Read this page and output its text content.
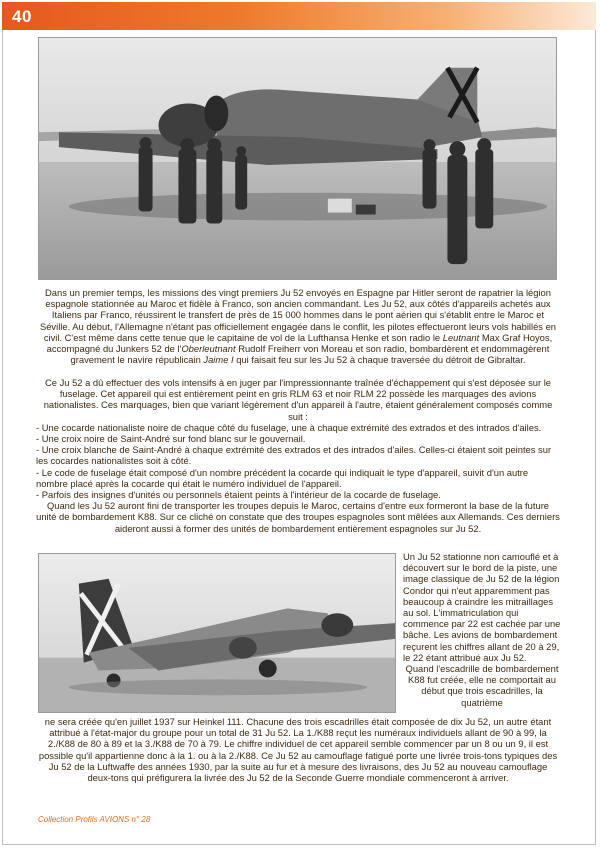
40

Dans un premier temps, les missions des vingt premiers Ju 52 envoyés en Espagne par Hitler seront de rapatrier la légion espagnole stationnée au Maroc et fidèle à Franco, son ancien commandant. Les Ju 52, aux côtés d'appareils achetés aux Italiens par Franco, réussirent le transfert de près de 15 000 hommes dans le pont aérien qui s'établit entre le Maroc et Séville. Au début, l'Allemagne n'étant pas officiellement engagée dans le conflit, les pilotes effectueront leurs vols habillés en civil. C'est même dans cette tenue que le capitaine de vol de la Lufthansa Henke et son radio le Leutnant Max Graf Hoyos, accompagné du Junkers 52 de l'Oberleutnant Rudolf Freiherr von Moreau et son radio, bombardèrent et endommagèrent gravement le navire républicain Jaime I qui faisait feu sur les Ju 52 à chaque traversée du détroit de Gibraltar.

Ce Ju 52 a dû effectuer des vols intensifs à en juger par l'impressionnante traînée d'échappement qui s'est déposée sur le fuselage. Cet appareil qui est entièrement peint en gris RLM 63 et noir RLM 22 possède les marquages des avions nationalistes. Ces marquages, bien que variant légèrement d'un appareil à l'autre, étaient généralement composés comme suit :

- Une cocarde nationaliste noire de chaque côté du fuselage, une à chaque extrémité des extrados et des intrados d'ailes.

- Une croix noire de Saint-André sur fond blanc sur le gouvernail.

- Une croix blanche de Saint-André à chaque extrémité des extrados et des intrados d'ailes. Celles-ci étaient soit peintes sur les cocardes nationalistes soit à côté.

- Le code de fuselage était composé d'un nombre précédent la cocarde qui indiquait le type d'appareil, suivit d'un autre nombre placé après la cocarde qui était le numéro individuel de l'appareil.

- Parfois des insignes d'unités ou personnels étaient peints à l'intérieur de la cocarde de fuselage.

Quand les Ju 52 auront fini de transporter les troupes depuis le Maroc, certains d'entre eux formeront la base de la future unité de bombardement K88. Sur ce cliché on constate que des troupes espagnoles sont mêlées aux Allemands. Ces derniers aideront aussi à former des unités de bombardement entièrement espagnoles sur Ju 52.

Un Ju 52 stationne non camouflé et à découvert sur le bord de la piste, une image classique de Ju 52 de la légion Condor qui n'eut apparemment pas beaucoup à craindre les mitraillages au sol. L'immatriculation qui commence par 22 est cachée par une bâche. Les avions de bombardement reçurent les chiffres allant de 20 à 29, le 22 étant attribué aux Ju 52.

Quand l'escadrille de bombardement K88 fut créée, elle ne comportait au début que trois escadrilles, la quatrième

ne sera créée qu'en juillet 1937 sur Heinkel 111. Chacune des trois escadrilles était composée de dix Ju 52, un autre étant attribué à l'état-major du groupe pour un total de 31 Ju 52. La 1./K88 reçut les numéraux individuels allant de 90 à 99, la 2./K88 de 80 à 89 et la 3./K88 de 70 à 79. Le chiffre individuel de cet appareil semble commencer par un 8 ou un 9, il est possible qu'il appartienne donc à la 1. ou à la 2./K88. Ce Ju 52 au camouflage fatigué porte une livrée trois-tons typiques des Ju 52 de la Luftwaffe des années 1930, par la suite au fur et à mesure des livraisons, des Ju 52 au nouveau camouflage deux-tons qui préfigurera la livrée des Ju 52 de la Seconde Guerre mondiale commenceront à arriver.

Collection Profils AVIONS n° 28
